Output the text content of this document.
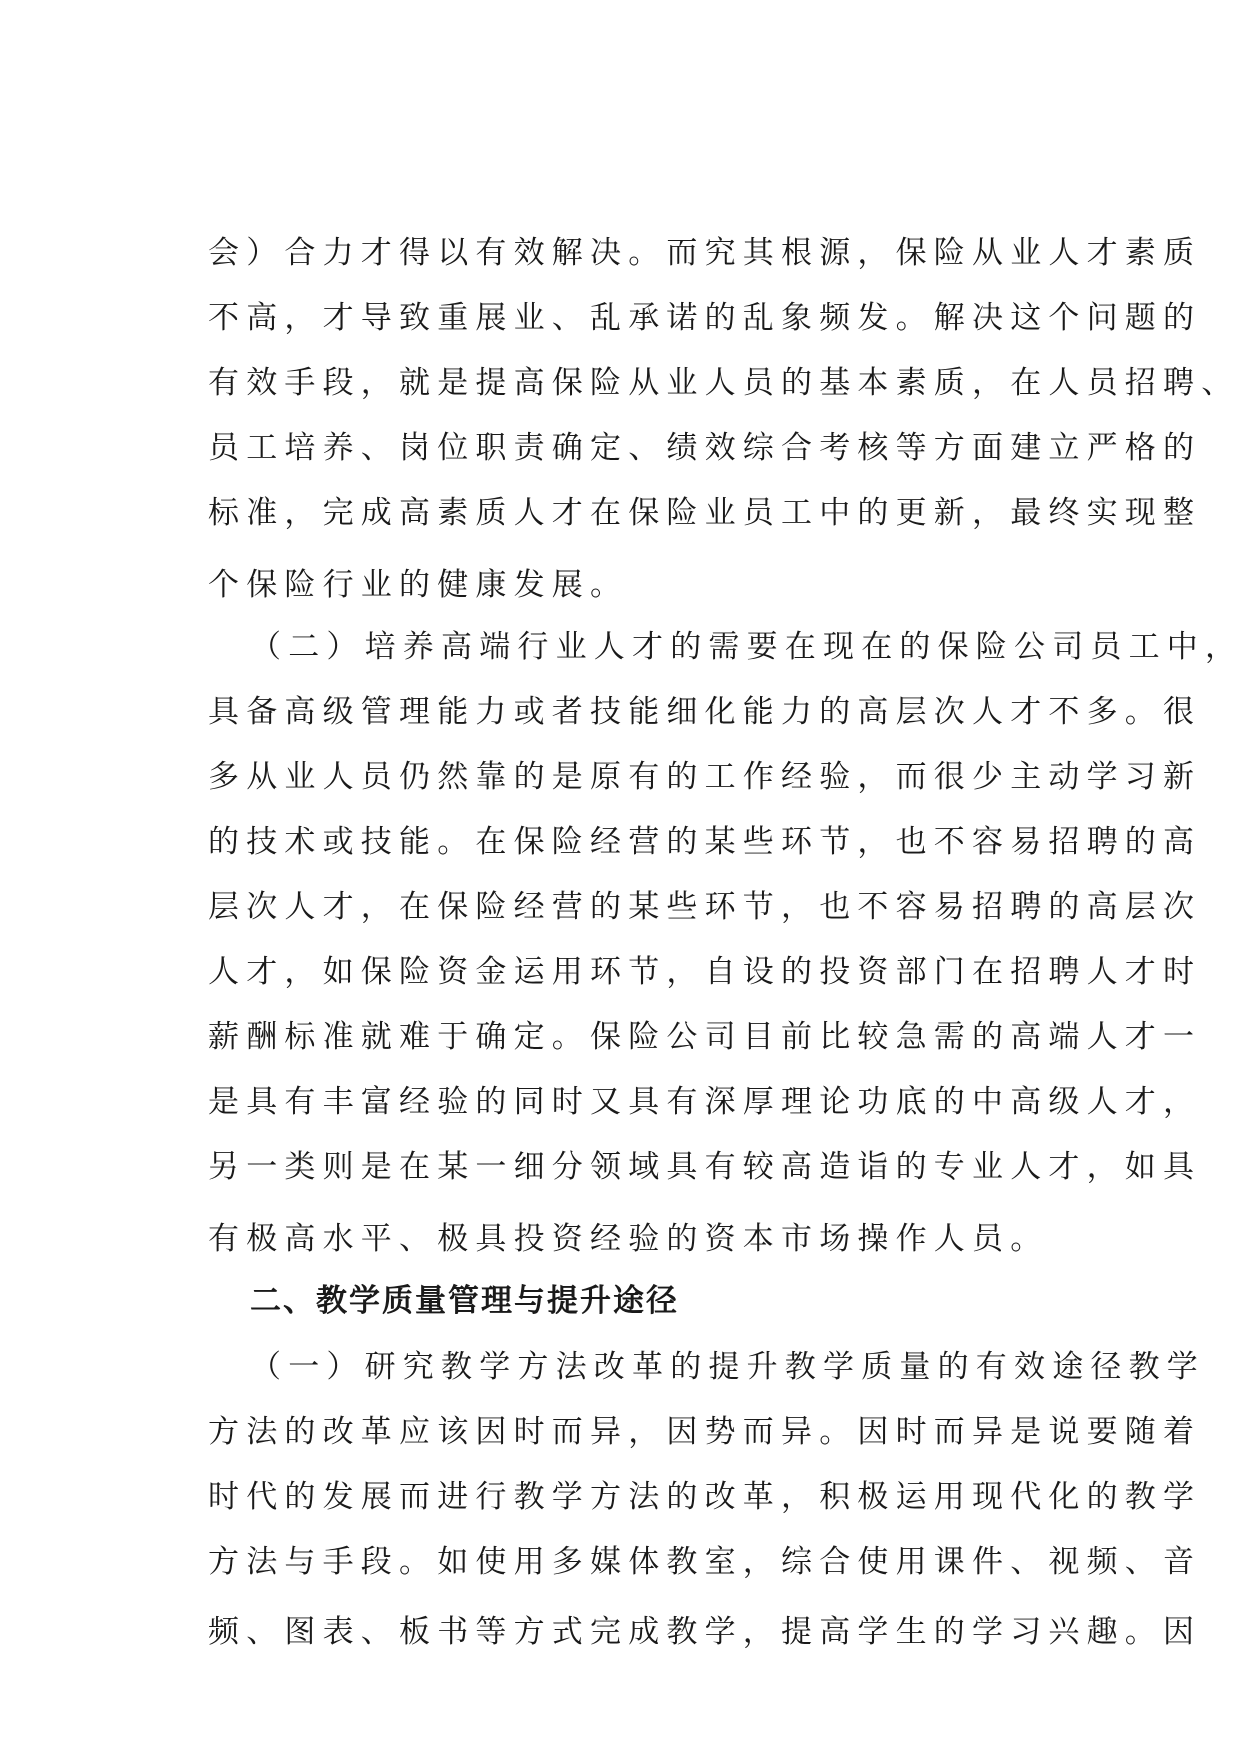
会）合力才得以有效解决。而究其根源，保险从业人才素质
不高，才导致重展业、乱承诺的乱象频发。解决这个问题的
有效手段，就是提高保险从业人员的基本素质，在人员招聘、
员工培养、岗位职责确定、绩效综合考核等方面建立严格的
标准，完成高素质人才在保险业员工中的更新，最终实现整
个保险行业的健康发展。
（二）培养高端行业人才的需要在现在的保险公司员工中，
具备高级管理能力或者技能细化能力的高层次人才不多。很
多从业人员仍然靠的是原有的工作经验，而很少主动学习新
的技术或技能。在保险经营的某些环节，也不容易招聘的高
层次人才，在保险经营的某些环节，也不容易招聘的高层次
人才，如保险资金运用环节，自设的投资部门在招聘人才时
薪酬标准就难于确定。保险公司目前比较急需的高端人才一
是具有丰富经验的同时又具有深厚理论功底的中高级人才，
另一类则是在某一细分领域具有较高造诣的专业人才，如具
有极高水平、极具投资经验的资本市场操作人员。
二、教学质量管理与提升途径
（一）研究教学方法改革的提升教学质量的有效途径教学
方法的改革应该因时而异，因势而异。因时而异是说要随着
时代的发展而进行教学方法的改革，积极运用现代化的教学
方法与手段。如使用多媒体教室，综合使用课件、视频、音
频、图表、板书等方式完成教学，提高学生的学习兴趣。因
